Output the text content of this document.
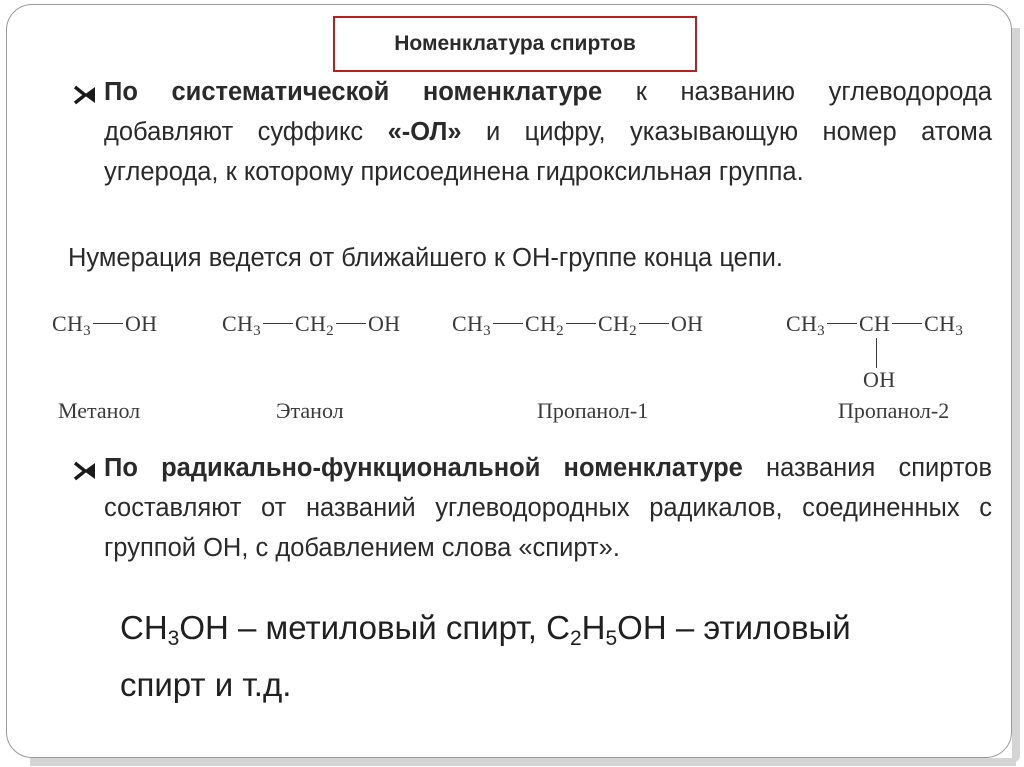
Номенклатура спиртов
По систематической номенклатуре к названию углеводорода добавляют суффикс «-ОЛ» и цифру, указывающую номер атома углерода, к которому присоединена гидроксильная группа.
Нумерация ведется от ближайшего к ОН-группе конца цепи.
$CH_3$ OH	$CH_3$ $CH_2$ OH $CH_3$ $CH_2$ $CH_2$ OH	$CH_3$ CH $CH_3$
OH
Метанол	Этанол	Пропанол-1	Пропанол-2
По радикально-функциональной номенклатуре названия спиртов составляют от названий углеводородных радикалов, соединенных с группой ОН, с добавлением слова «спирт».
$CH_3ОН$ – метиловый спирт, $C_2H_5ОН$ – этиловый спирт и т.д.
